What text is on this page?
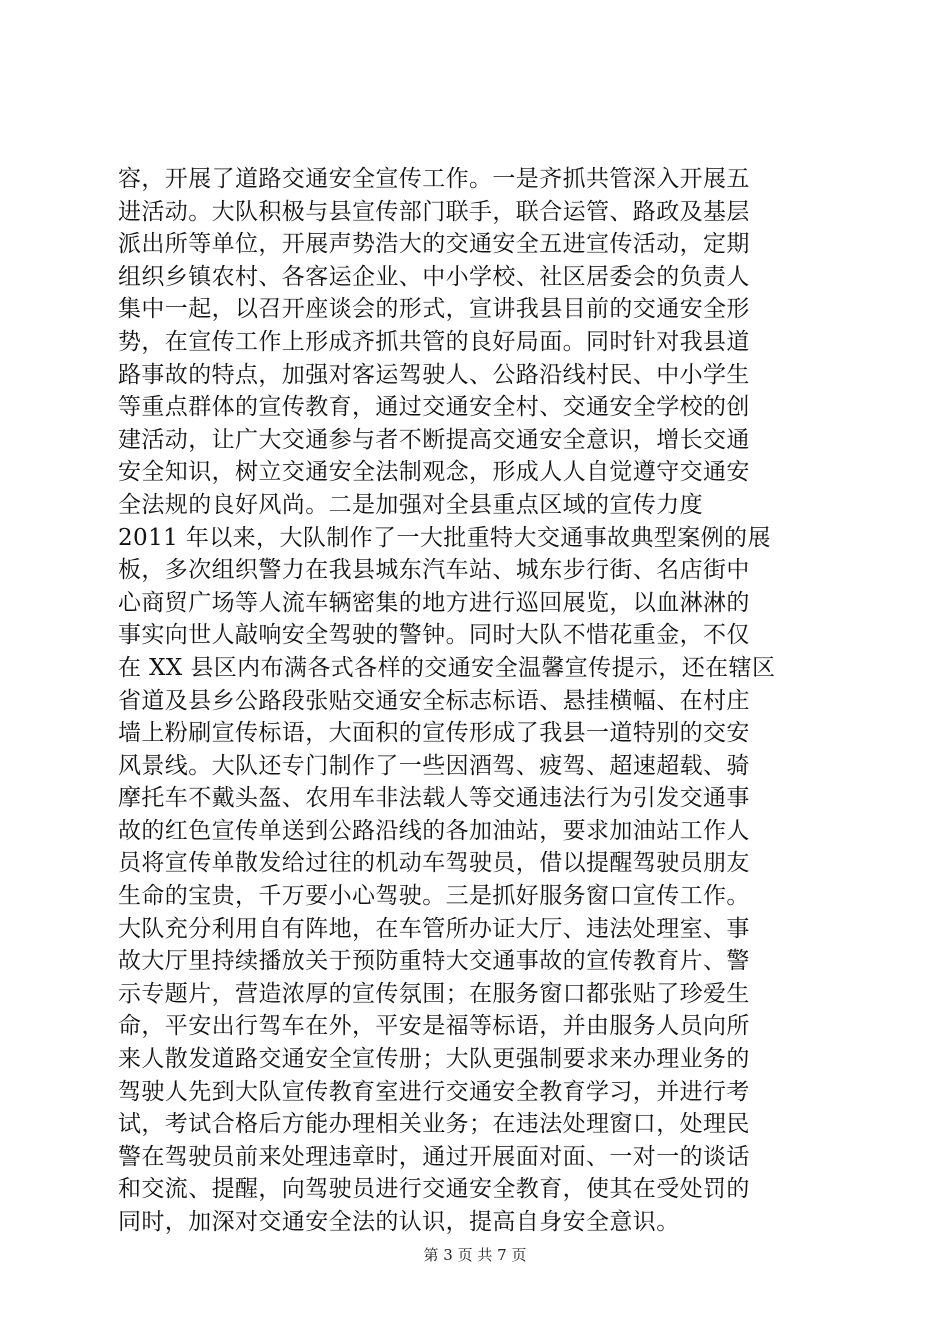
容，开展了道路交通安全宣传工作。一是齐抓共管深入开展五
进活动。大队积极与县宣传部门联手，联合运管、路政及基层
派出所等单位，开展声势浩大的交通安全五进宣传活动，定期
组织乡镇农村、各客运企业、中小学校、社区居委会的负责人
集中一起，以召开座谈会的形式，宣讲我县目前的交通安全形
势，在宣传工作上形成齐抓共管的良好局面。同时针对我县道
路事故的特点，加强对客运驾驶人、公路沿线村民、中小学生
等重点群体的宣传教育，通过交通安全村、交通安全学校的创
建活动，让广大交通参与者不断提高交通安全意识，增长交通
安全知识，树立交通安全法制观念，形成人人自觉遵守交通安
全法规的良好风尚。二是加强对全县重点区域的宣传力度
2011 年以来，大队制作了一大批重特大交通事故典型案例的展
板，多次组织警力在我县城东汽车站、城东步行街、名店街中
心商贸广场等人流车辆密集的地方进行巡回展览，以血淋淋的
事实向世人敲响安全驾驶的警钟。同时大队不惜花重金，不仅
在 XX 县区内布满各式各样的交通安全温馨宣传提示，还在辖区
省道及县乡公路段张贴交通安全标志标语、悬挂横幅、在村庄
墙上粉刷宣传标语，大面积的宣传形成了我县一道特别的交安
风景线。大队还专门制作了一些因酒驾、疲驾、超速超载、骑
摩托车不戴头盔、农用车非法载人等交通违法行为引发交通事
故的红色宣传单送到公路沿线的各加油站，要求加油站工作人
员将宣传单散发给过往的机动车驾驶员，借以提醒驾驶员朋友
生命的宝贵，千万要小心驾驶。三是抓好服务窗口宣传工作。
大队充分利用自有阵地，在车管所办证大厅、违法处理室、事
故大厅里持续播放关于预防重特大交通事故的宣传教育片、警
示专题片，营造浓厚的宣传氛围；在服务窗口都张贴了珍爱生
命，平安出行驾车在外，平安是福等标语，并由服务人员向所
来人散发道路交通安全宣传册；大队更强制要求来办理业务的
驾驶人先到大队宣传教育室进行交通安全教育学习，并进行考
试，考试合格后方能办理相关业务；在违法处理窗口，处理民
警在驾驶员前来处理违章时，通过开展面对面、一对一的谈话
和交流、提醒，向驾驶员进行交通安全教育，使其在受处罚的
同时，加深对交通安全法的认识，提高自身安全意识。
第 3 页 共 7 页
